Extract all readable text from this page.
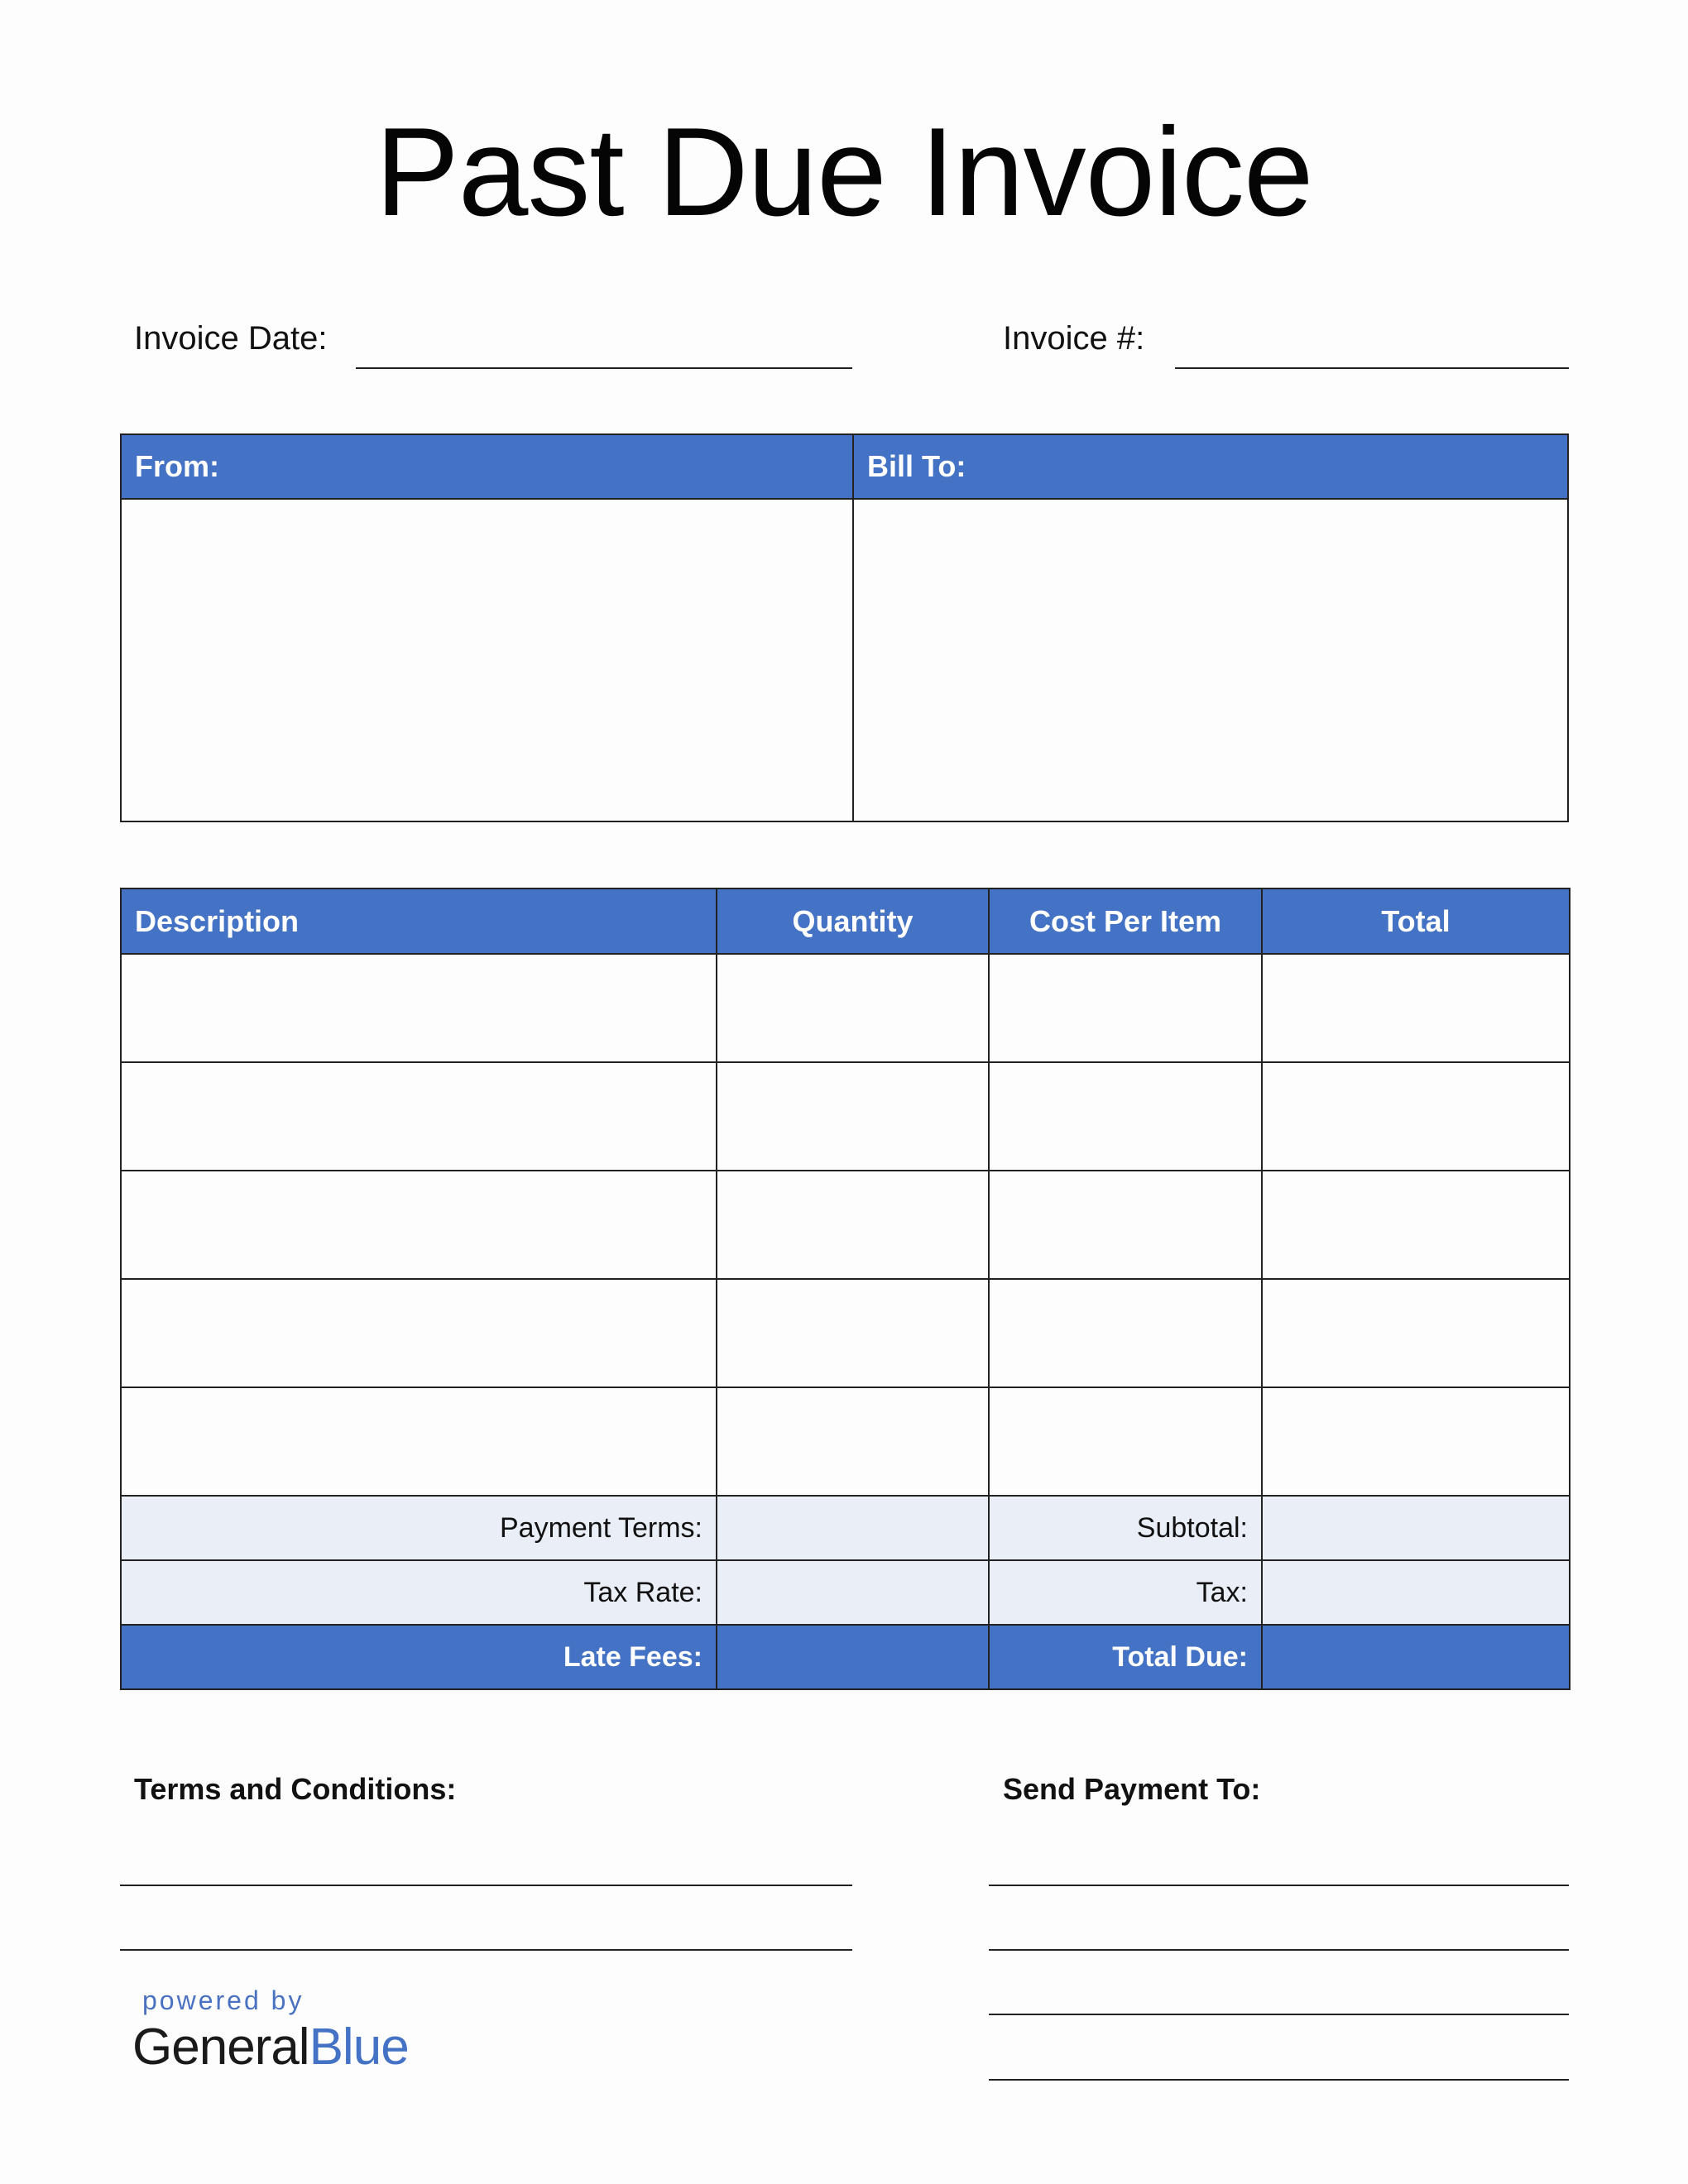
Past Due Invoice
Invoice Date:	Invoice #:
From:	Bill To:
Description	Quantity	Cost Per Item	Total

Payment Terms:		Subtotal:	
Tax Rate:		Tax:	
Late Fees:		Total Due:	
Terms and Conditions:	Send Payment To:
powered by
GeneralBlue
